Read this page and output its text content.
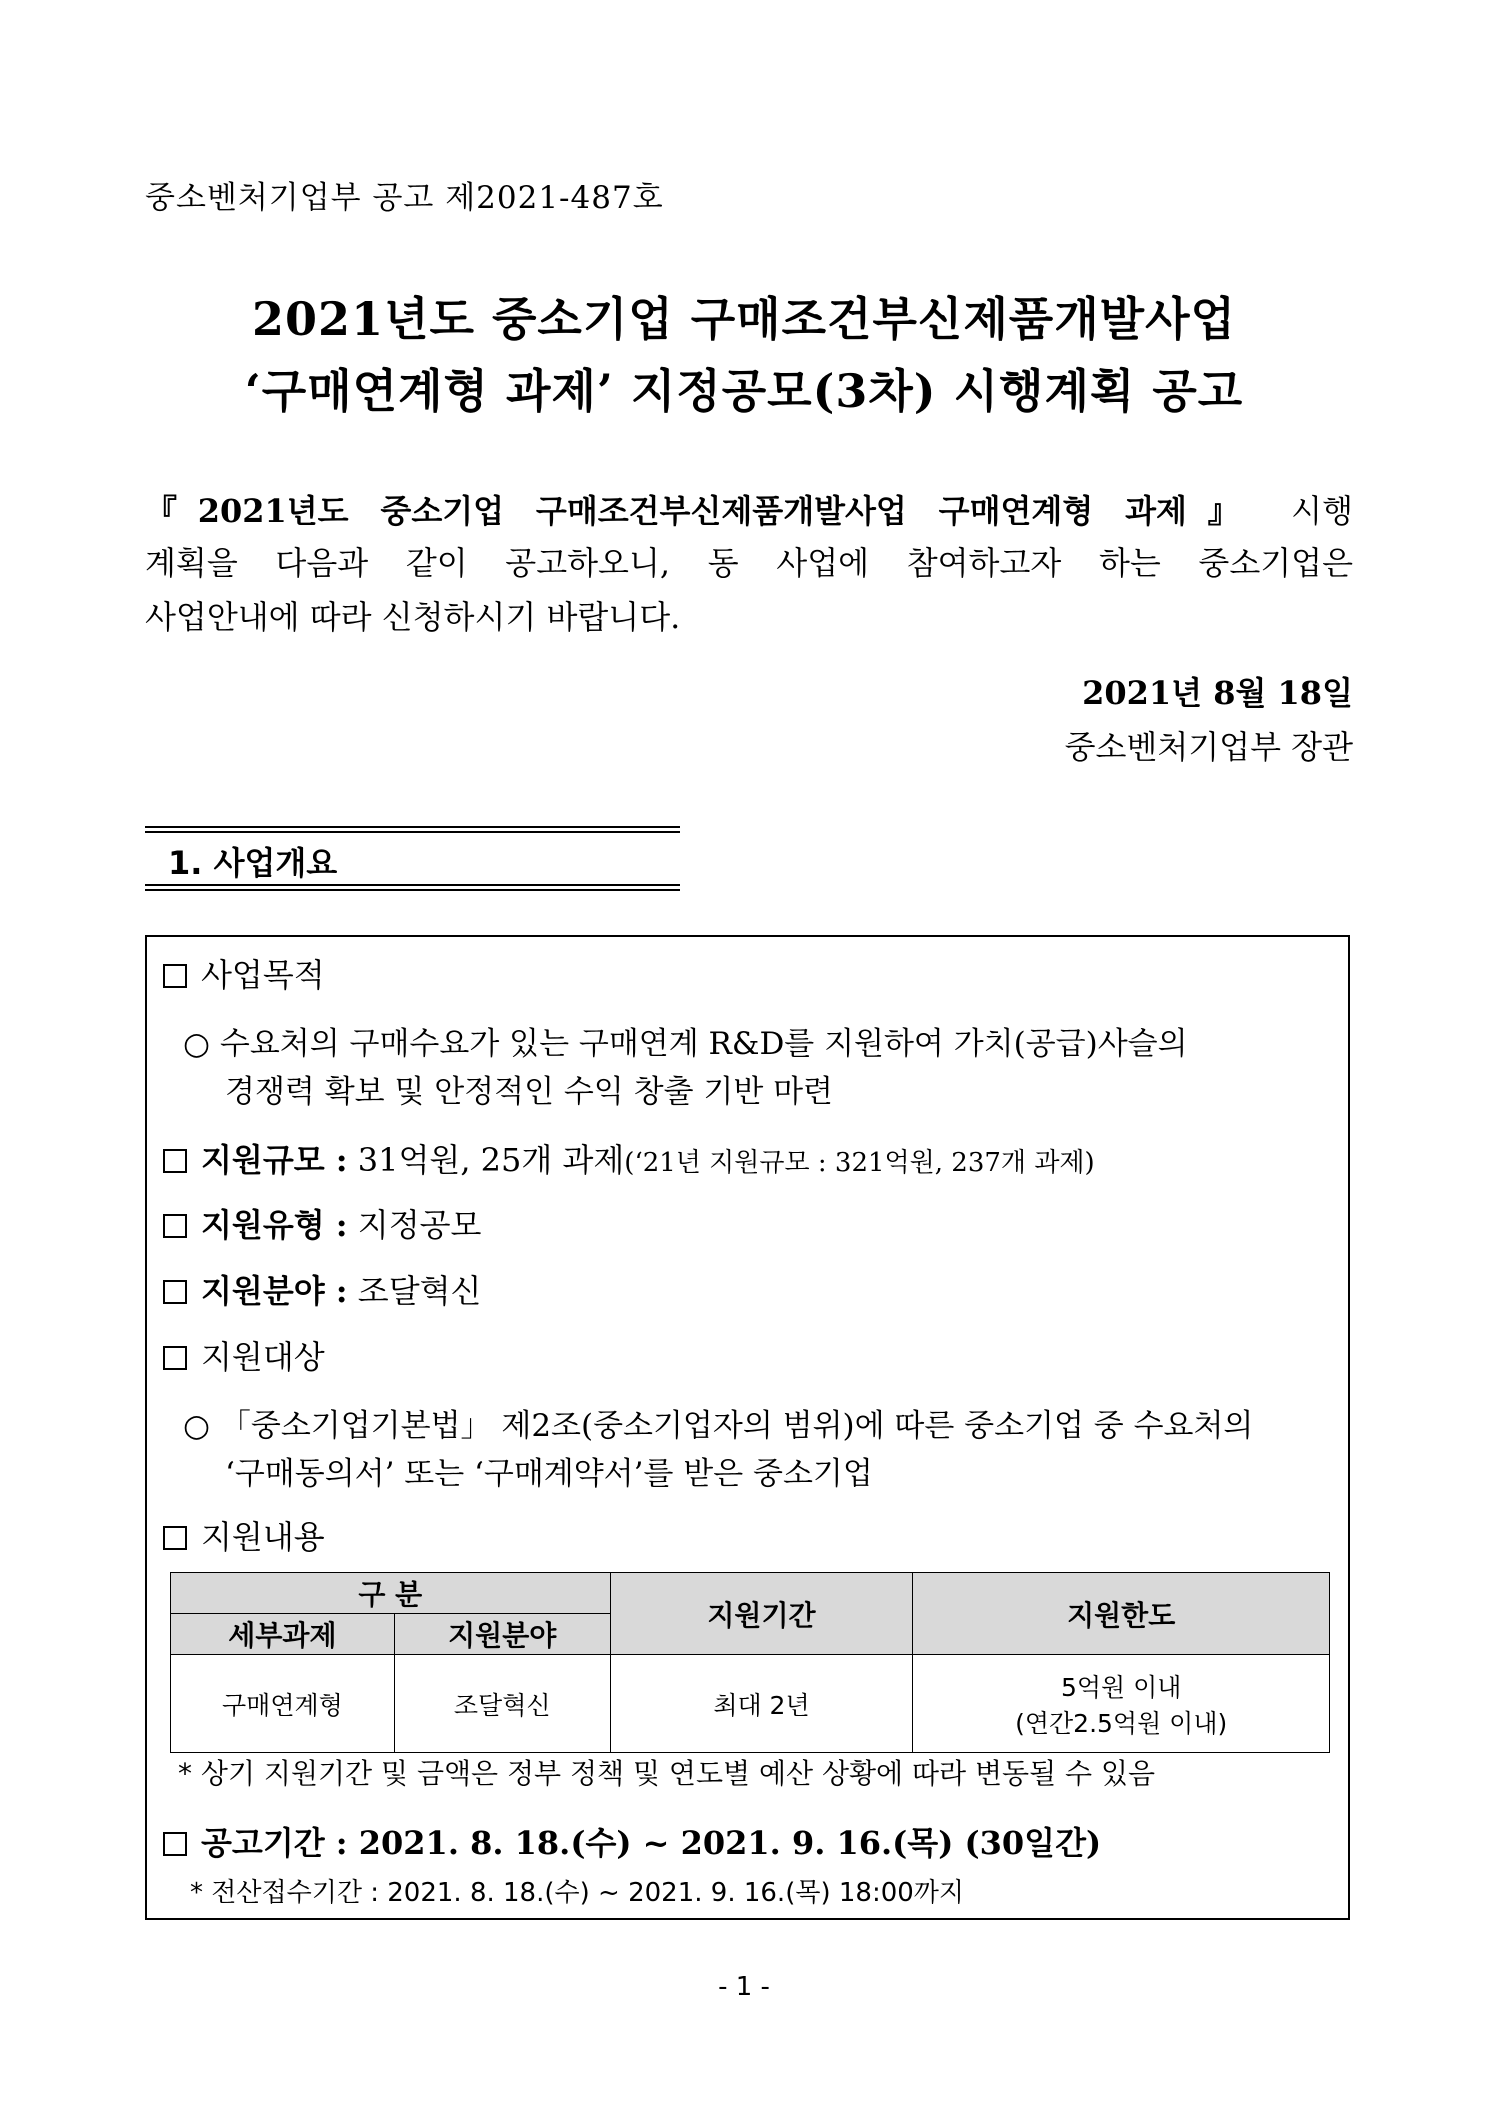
중소벤처기업부 공고 제2021-487호
2021년도 중소기업 구매조건부신제품개발사업
‘구매연계형 과제’ 지정공모(3차) 시행계획 공고
『2021년도 중소기업 구매조건부신제품개발사업 구매연계형 과제』 시행
계획을 다음과 같이 공고하오니, 동 사업에 참여하고자 하는 중소기업은
사업안내에 따라 신청하시기 바랍니다.
2021년 8월 18일
중소벤처기업부 장관
1. 사업개요
사업목적
○ 수요처의 구매수요가 있는 구매연계 R&D를 지원하여 가치(공급)사슬의
경쟁력 확보 및 안정적인 수익 창출 기반 마련
지원규모 : 31억원, 25개 과제(‘21년 지원규모 : 321억원, 237개 과제)
지원유형 : 지정공모
지원분야 : 조달혁신
지원대상
○ 「중소기업기본법」 제2조(중소기업자의 범위)에 따른 중소기업 중 수요처의
‘구매동의서’ 또는 ‘구매계약서’를 받은 중소기업
지원내용
구 분		지원기간	지원한도
세부과제	지원분야		
구매연계형	조달혁신	최대 2년	5억원 이내
(연간2.5억원 이내)
* 상기 지원기간 및 금액은 정부 정책 및 연도별 예산 상황에 따라 변동될 수 있음
공고기간 : 2021. 8. 18.(수) ~ 2021. 9. 16.(목) (30일간)
* 전산접수기간 : 2021. 8. 18.(수) ~ 2021. 9. 16.(목) 18:00까지
- 1 -
